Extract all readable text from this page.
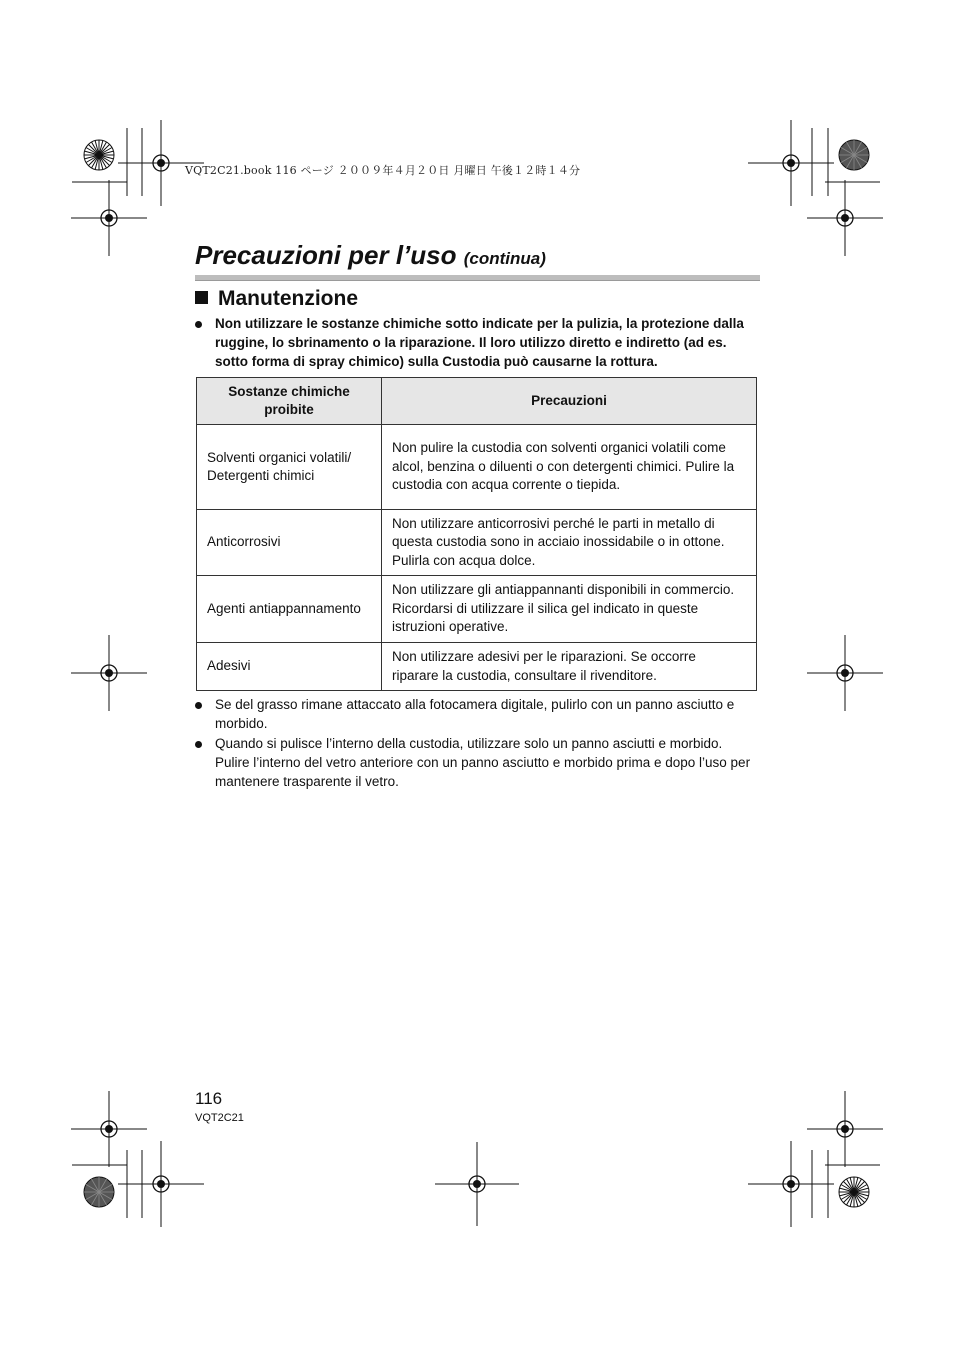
VQT2C21.book 116 ページ ２００９年４月２０日 月曜日 午後１２時１４分
Precauzioni per l’uso (continua)
Manutenzione
Non utilizzare le sostanze chimiche sotto indicate per la pulizia, la protezione dalla ruggine, lo sbrinamento o la riparazione. Il loro utilizzo diretto e indiretto (ad es. sotto forma di spray chimico) sulla Custodia può causarne la rottura.
Sostanze chimiche proibite	Precauzioni
Solventi organici volatili/ Detergenti chimici	Non pulire la custodia con solventi organici volatili come alcol, benzina o diluenti o con detergenti chimici. Pulire la custodia con acqua corrente o tiepida.
Anticorrosivi	Non utilizzare anticorrosivi perché le parti in metallo di questa custodia sono in acciaio inossidabile o in ottone. Pulirla con acqua dolce.
Agenti antiappannamento	Non utilizzare gli antiappannanti disponibili in commercio. Ricordarsi di utilizzare il silica gel indicato in queste istruzioni operative.
Adesivi	Non utilizzare adesivi per le riparazioni. Se occorre riparare la custodia, consultare il rivenditore.
Se del grasso rimane attaccato alla fotocamera digitale, pulirlo con un panno asciutto e morbido.
Quando si pulisce l’interno della custodia, utilizzare solo un panno asciutti e morbido. Pulire l’interno del vetro anteriore con un panno asciutto e morbido prima e dopo l’uso per mantenere trasparente il vetro.
116
VQT2C21
